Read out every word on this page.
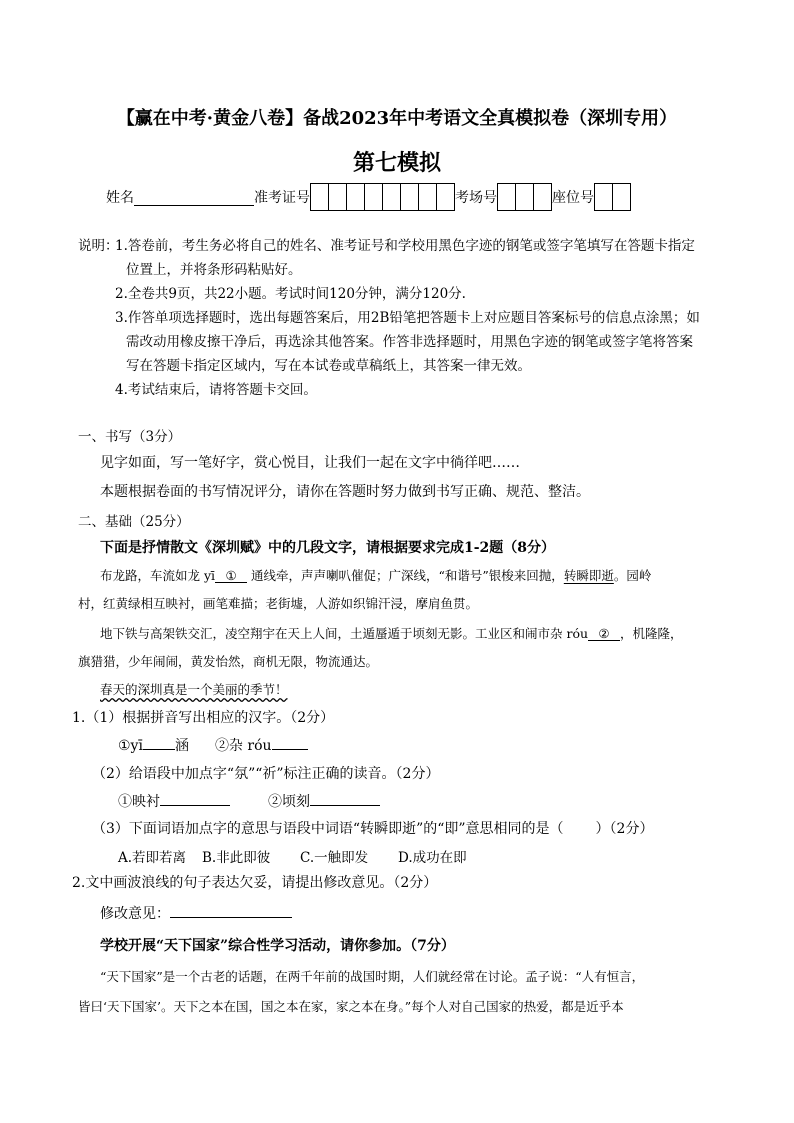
【赢在中考·黄金八卷】备战2023年中考语文全真模拟卷（深圳专用）
第七模拟
姓名	准考证号	考场号	座位号
说明：
1.答卷前，考生务必将自己的姓名、准考证号和学校用黑色字迹的钢笔或签字笔填写在答题卡指定
位置上，并将条形码粘贴好。
2.全卷共9页，共22小题。考试时间120分钟，满分120分.
3.作答单项选择题时，选出每题答案后，用2B铅笔把答题卡上对应题目答案标号的信息点涂黑；如
需改动用橡皮擦干净后，再选涂其他答案。作答非选择题时，用黑色字迹的钢笔或签字笔将答案
写在答题卡指定区域内，写在本试卷或草稿纸上，其答案一律无效。
4.考试结束后，请将答题卡交回。
一、书写（3分）
见字如面，写一笔好字，赏心悦目，让我们一起在文字中徜徉吧……
本题根据卷面的书写情况评分，请你在答题时努力做到书写正确、规范、整洁。
二、基础（25分）
下面是抒情散文《深圳赋》中的几段文字，请根据要求完成1-2题（8分）
布龙路，车流如龙 yī ① 通线牵，声声喇叭催促；广深线，“和谐号”银梭来回抛，转瞬即逝。园岭
村，红黄绿相互映衬，画笔难描；老街墟，人游如织锦汗浸，摩肩鱼贯。
地下铁与高架铁交汇，凌空翔宇在天上人间，土遁蜃遁于顷刻无影。工业区和闹市杂 róu ② ，机隆隆，
旗猎猎，少年闹闹，黄发怡然，商机无限，物流通达。
春天的深圳真是一个美丽的季节！
1.（1）根据拼音写出相应的汉字。（2分）
①yī 涵 ②杂 róu
（2）给语段中加点字“氛”“祈”标注正确的读音。（2分）
①映衬	②顷刻
（3）下面词语加点字的意思与语段中词语“转瞬即逝”的“即”意思相同的是（ ）（2分）
A.若即若离 B.非此即彼 C.一触即发 D.成功在即
2.文中画波浪线的句子表达欠妥，请提出修改意见。（2分）
修改意见：
学校开展“天下国家”综合性学习活动，请你参加。（7分）
“天下国家”是一个古老的话题，在两千年前的战国时期，人们就经常在讨论。孟子说：“人有恒言，
皆曰‘天下国家’。天下之本在国，国之本在家，家之本在身。”每个人对自己国家的热爱，都是近乎本
